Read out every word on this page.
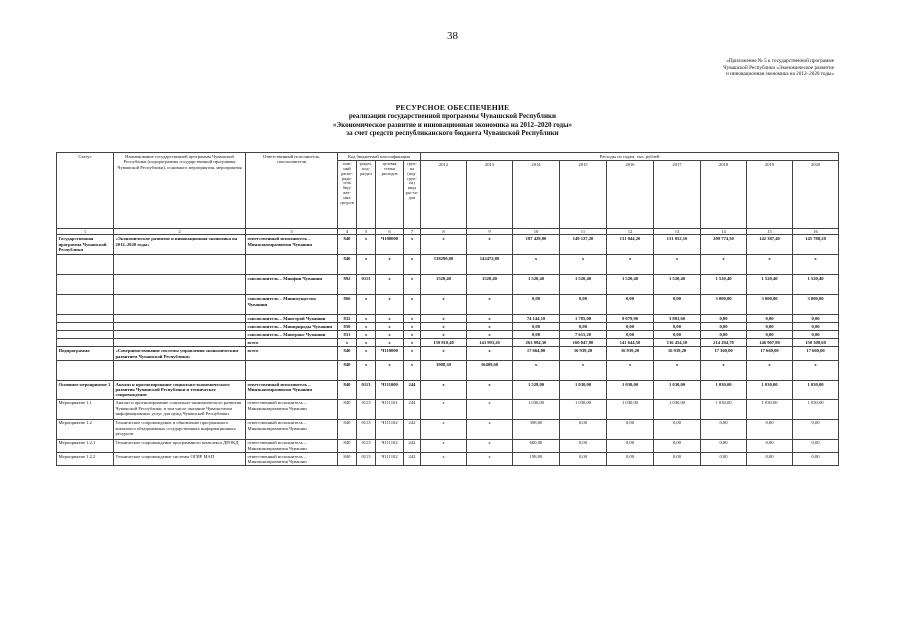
38
«Приложение № 5 к государственной программе Чувашской Республики «Экономическое развитие и инновационная экономика на 2012–2020 годы»
РЕСУРСНОЕ ОБЕСПЕЧЕНИЕ
реализации государственной программы Чувашской Республики
«Экономическое развитие и инновационная экономика на 2012–2020 годы»
за счет средств республиканского бюджета Чувашской Республики
Статус	Наименование государственной программы Чувашской Республики (подпрограммы государственной программы Чувашской Республики), основного мероприятия, мероприятия	Ответственный исполнитель, соисполнители	Код бюджетной классификации				Расходы по годам, тыс. рублей								
			глав-ный распо-ряди-тель бюд-жет-ных средств	раздел, под-раздел	целевая статья расходов	груп-па (под-груп-па) вида рас-хо-дов	2012	2013	2014	2015	2016	2017	2018	2019	2020
1	2	3	4	5	6	7	8	9	10	11	12	13	14	15	16
Государственная программа Чувашской Республики	«Экономическое развитие и инновационная экономика на 2012–2020 годы»	ответственный исполнитель – Минэкономразвития Чувашии	840	x	Ч100000	x	x	x	187 429,80	149 127,20	131 044,20	131 052,10	209 774,30	142 387,40	145 788,20
			840	x	x	x	138290,00	142472,80	x	x	x	x	x	x	x
		соисполнитель – Минфин Чувашии	892	0113	x	x	1520,40	1520,40	1 520,40	1 520,40	1 520,40	1 520,40	1 520,40	1 520,40	1 520,40
		соисполнитель – Минимущество Чувашии	866	x	x	x	x	x	0,00	0,00	0,00	0,00	3 000,00	3 000,00	3 000,00
		соисполнитель – Минстрой Чувашии	832	x	x	x	x	x	74 144,10	1 785,00	9 079,90	3 881,60	0,00	0,00	0,00
		соисполнитель – Минприроды Чувашии	850	x	x	x	x	x	0,00	0,00	0,00	0,00	0,00	0,00	0,00
		соисполнитель – Минтранс Чувашии	831	x	x	x	x	x	0,00	7 615,20	0,00	0,00	0,00	0,00	0,00
		всего	x	x	x	x	139 810,40	143 993,20	263 094,30	160 047,80	141 644,50	136 454,10	214 294,70	146 907,80	150 308,60
Подпрограмма	«Совершенствование системы управления экономическим развитием Чувашской Республики»	всего	840	x	Ч110000	x	x	x	17 664,80	16 939,20	16 939,20	16 939,20	17 360,00	17 660,00	17 660,00
			840	x	x	x	3908,30	16409,60	x	x	x	x	x	x	x
Основное мероприятие 1	Анализ и прогнозирование социально-экономического развития Чувашской Республики и техническое сопровождение	ответственный исполнитель – Минэкономразвития Чувашии	840	0113	Ч111000	244	x	x	1 528,00	1 030,00	1 030,00	1 030,00	1 030,00	1 030,00	1 030,00
Мероприятие 1.1	Анализ и прогнозирование социально-экономического развития Чувашской Республики, в том числе оказание Чувашстатом информационных услуг для нужд Чувашской Республики	ответственный исполнитель – Минэкономразвития Чувашии	840	0113	Ч111101	244	x	x	1 030,00	1 030,00	1 030,00	1 030,00	1 030,00	1 030,00	1 030,00
Мероприятие 1.2	Техническое сопровождение и обновление программного комплекса объединенных государственных информационных ресурсов	ответственный исполнитель – Минэкономразвития Чувашии	840	0113	Ч111102	242	x	x	398,00	0,00	0,00	0,00	0,00	0,00	0,00
Мероприятие 1.2.1	Техническое сопровождение программного комплекса ДРОКД	ответственный исполнитель – Минэкономразвития Чувашии	840	0113	Ч111102	242	x	x	600,00	0,00	0,00	0,00	0,00	0,00	0,00
Мероприятие 1.2.2	Техническое сопровождение системы ОГИР МАП	ответственный исполнитель – Минэкономразвития Чувашии	840	0113	Ч111102	242	x	x	198,00	0,00	0,00	0,00	0,00	0,00	0,00
